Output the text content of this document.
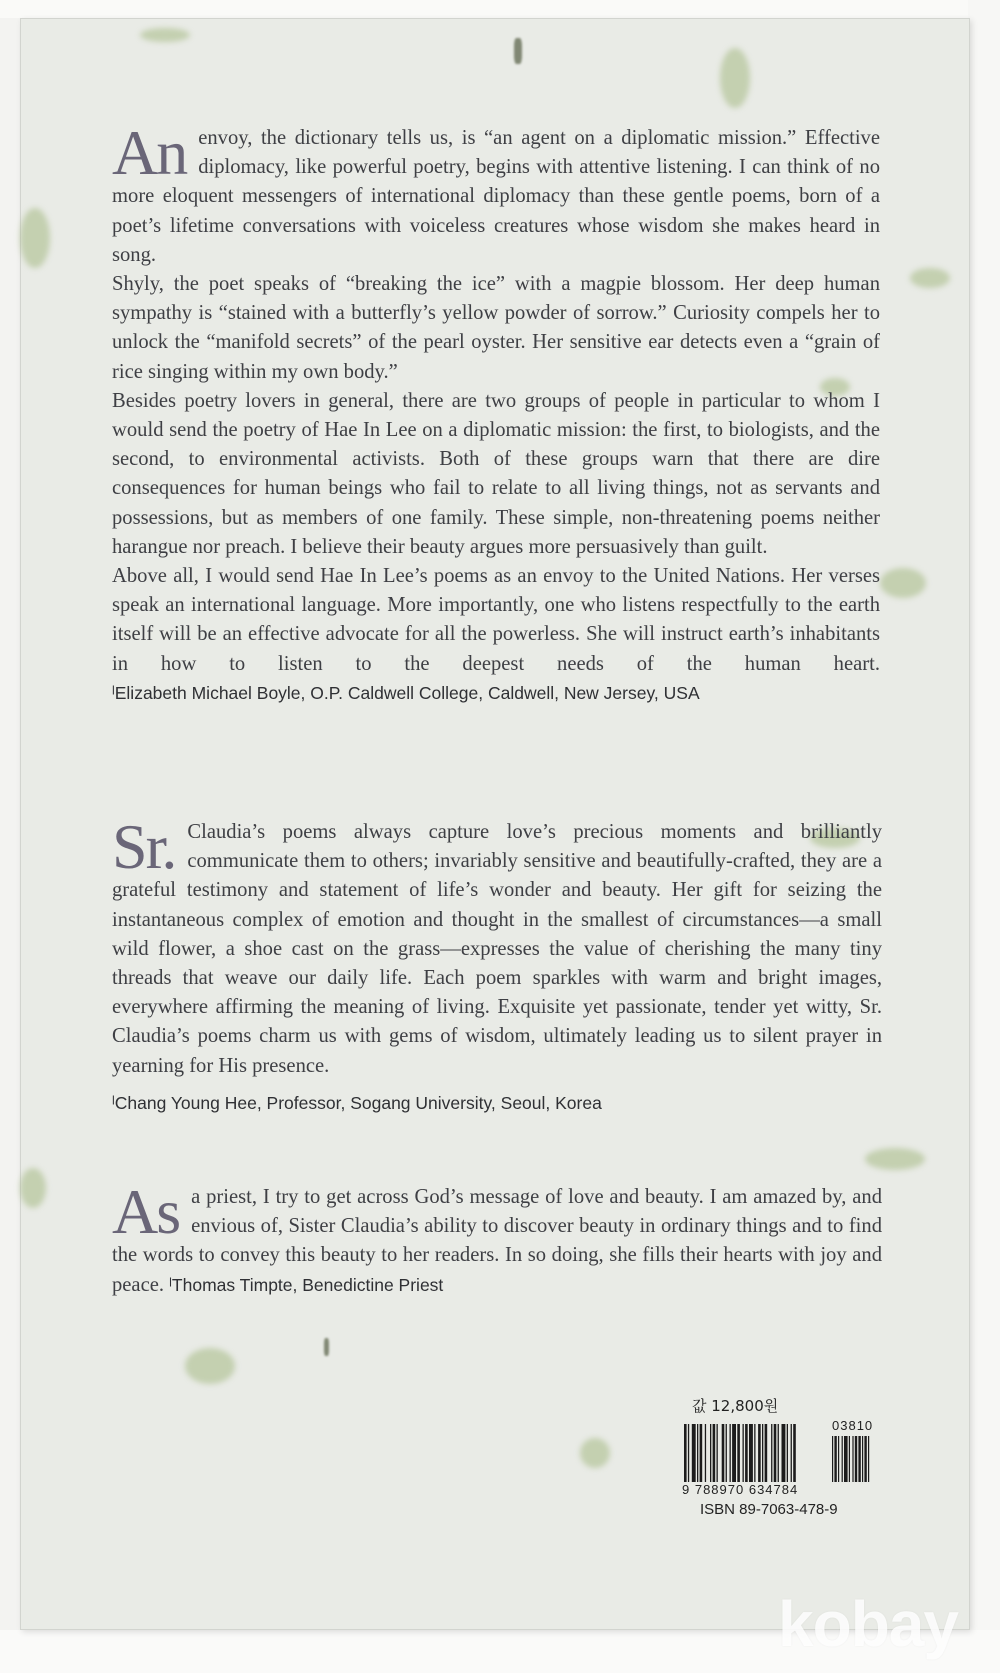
An envoy, the dictionary tells us, is “an agent on a diplomatic mission.” Effective diplomacy, like powerful poetry, begins with attentive listening. I can think of no more eloquent messengers of international diplomacy than these gentle poems, born of a poet’s lifetime conversations with voiceless creatures whose wisdom she makes heard in song.

Shyly, the poet speaks of “breaking the ice” with a magpie blossom. Her deep human sympathy is “stained with a butterfly’s yellow powder of sorrow.” Curiosity compels her to unlock the “manifold secrets” of the pearl oyster. Her sensitive ear detects even a “grain of rice singing within my own body.”

Besides poetry lovers in general, there are two groups of people in particular to whom I would send the poetry of Hae In Lee on a diplomatic mission: the first, to biologists, and the second, to environmental activists. Both of these groups warn that there are dire consequences for human beings who fail to relate to all living things, not as servants and possessions, but as members of one family. These simple, non-threatening poems neither harangue nor preach. I believe their beauty argues more persuasively than guilt.

Above all, I would send Hae In Lee’s poems as an envoy to the United Nations. Her verses speak an international language. More importantly, one who listens respectfully to the earth itself will be an effective advocate for all the powerless. She will instruct earth’s inhabitants in how to listen to the deepest needs of the human heart. ˡElizabeth Michael Boyle, O.P. Caldwell College, Caldwell, New Jersey, USA

Sr. Claudia’s poems always capture love’s precious moments and brilliantly communicate them to others; invariably sensitive and beautifully-crafted, they are a grateful testimony and statement of life’s wonder and beauty. Her gift for seizing the instantaneous complex of emotion and thought in the smallest of circumstances—a small wild flower, a shoe cast on the grass—expresses the value of cherishing the many tiny threads that weave our daily life. Each poem sparkles with warm and bright images, everywhere affirming the meaning of living. Exquisite yet passionate, tender yet witty, Sr. Claudia’s poems charm us with gems of wisdom, ultimately leading us to silent prayer in yearning for His presence.

ˡChang Young Hee, Professor, Sogang University, Seoul, Korea

As a priest, I try to get across God’s message of love and beauty. I am amazed by, and envious of, Sister Claudia’s ability to discover beauty in ordinary things and to find the words to convey this beauty to her readers. In so doing, she fills their hearts with joy and peace. ˡThomas Timpte, Benedictine Priest

값 12,800원
03810
9 788970 634784
ISBN 89-7063-478-9
kobay
